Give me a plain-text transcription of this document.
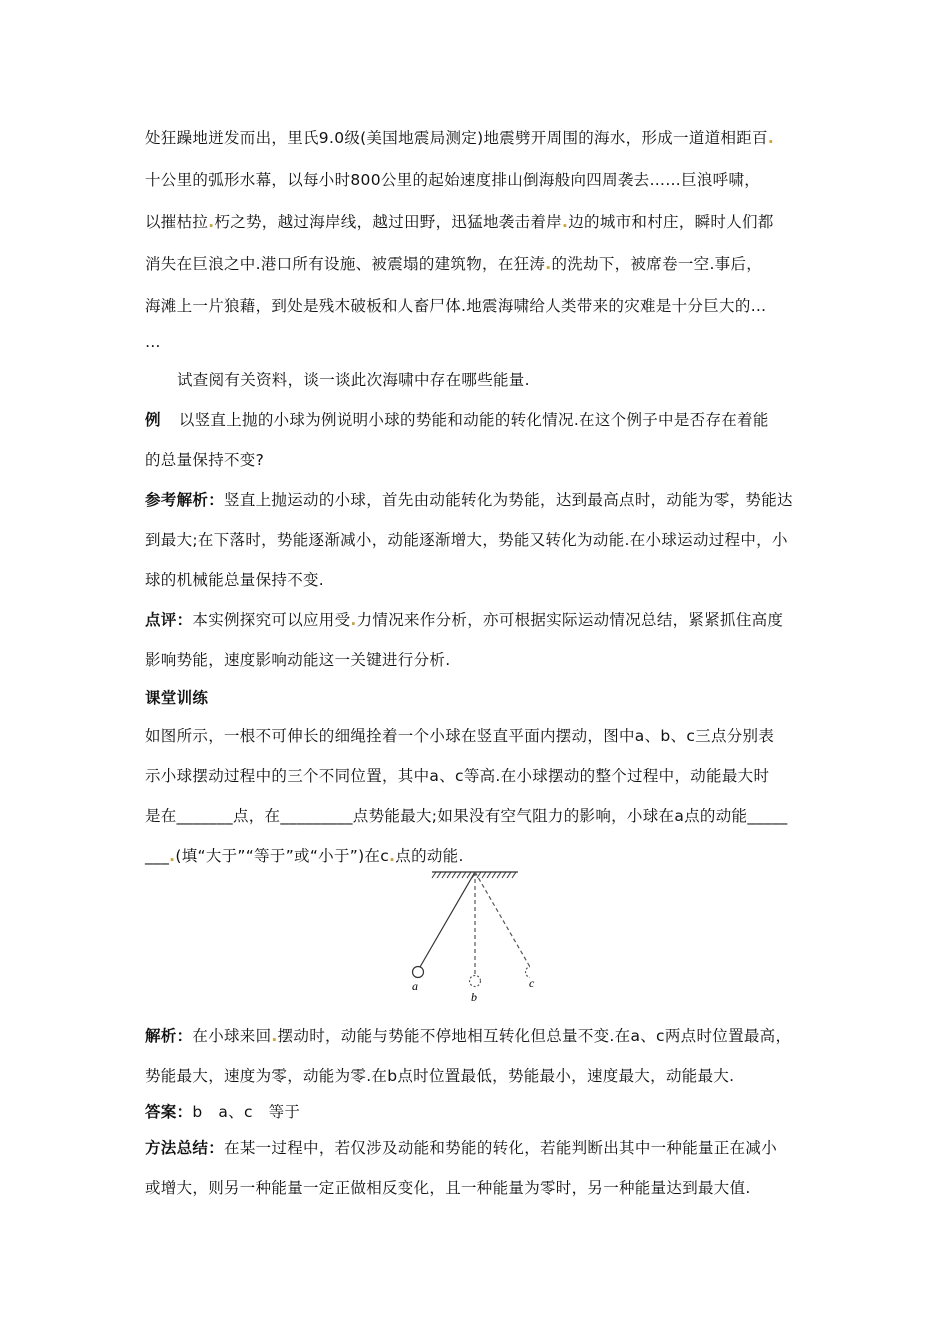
处狂躁地迸发而出，里氏9.0级(美国地震局测定)地震劈开周围的海水，形成一道道相距百.
十公里的弧形水幕，以每小时800公里的起始速度排山倒海般向四周袭去……巨浪呼啸，
以摧枯拉.朽之势，越过海岸线，越过田野，迅猛地袭击着岸.边的城市和村庄，瞬时人们都
消失在巨浪之中.港口所有设施、被震塌的建筑物，在狂涛.的洗劫下，被席卷一空.事后，
海滩上一片狼藉，到处是残木破板和人畜尸体.地震海啸给人类带来的灾难是十分巨大的…
…
试查阅有关资料，谈一谈此次海啸中存在哪些能量.
例 以竖直上抛的小球为例说明小球的势能和动能的转化情况.在这个例子中是否存在着能
的总量保持不变?
参考解析：竖直上抛运动的小球，首先由动能转化为势能，达到最高点时，动能为零，势能达
到最大;在下落时，势能逐渐减小，动能逐渐增大，势能又转化为动能.在小球运动过程中，小
球的机械能总量保持不变.
点评：本实例探究可以应用受.力情况来作分析，亦可根据实际运动情况总结，紧紧抓住高度
影响势能，速度影响动能这一关键进行分析.
课堂训练
如图所示，一根不可伸长的细绳拴着一个小球在竖直平面内摆动，图中a、b、c三点分别表
示小球摆动过程中的三个不同位置，其中a、c等高.在小球摆动的整个过程中，动能最大时
是在_______点，在_________点势能最大;如果没有空气阻力的影响，小球在a点的动能_____
___.(填“大于”“等于”或“小于”)在c.点的动能.
a
b
c
解析：在小球来回.摆动时，动能与势能不停地相互转化但总量不变.在a、c两点时位置最高，
势能最大，速度为零，动能为零.在b点时位置最低，势能最小，速度最大，动能最大.
答案：b　a、c　等于
方法总结：在某一过程中，若仅涉及动能和势能的转化，若能判断出其中一种能量正在减小
或增大，则另一种能量一定正做相反变化，且一种能量为零时，另一种能量达到最大值.
